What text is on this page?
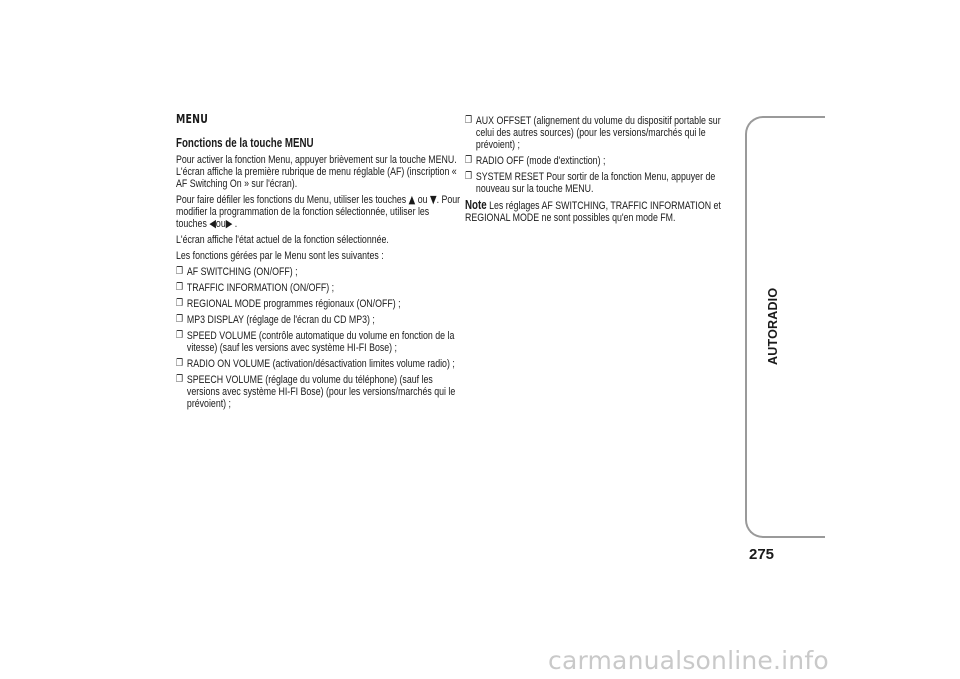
MENU
Fonctions de la touche MENU

Pour activer la fonction Menu, appuyer brièvement sur la touche MENU. L'écran affiche la première rubrique de menu réglable (AF) (inscription « AF Switching On » sur l'écran).

Pour faire défiler les fonctions du Menu, utiliser les touches ▲ ou ▼. Pour modifier la programmation de la fonction sélectionnée, utiliser les touches ◀ou▶ .

L'écran affiche l'état actuel de la fonction sélectionnée.

Les fonctions gérées par le Menu sont les suivantes :

❐ AF SWITCHING (ON/OFF) ;
❐ TRAFFIC INFORMATION (ON/OFF) ;
❐ REGIONAL MODE programmes régionaux (ON/OFF) ;
❐ MP3 DISPLAY (réglage de l'écran du CD MP3) ;
❐ SPEED VOLUME (contrôle automatique du volume en fonction de la vitesse) (sauf les versions avec système HI-FI Bose) ;
❐ RADIO ON VOLUME (activation/désactivation limites volume radio) ;
❐ SPEECH VOLUME (réglage du volume du téléphone) (sauf les versions avec système HI-FI Bose) (pour les versions/marchés qui le prévoient) ;
❐ AUX OFFSET (alignement du volume du dispositif portable sur celui des autres sources) (pour les versions/marchés qui le prévoient) ;
❐ RADIO OFF (mode d'extinction) ;
❐ SYSTEM RESET Pour sortir de la fonction Menu, appuyer de nouveau sur la touche MENU.

Note Les réglages AF SWITCHING, TRAFFIC INFORMATION et REGIONAL MODE ne sont possibles qu'en mode FM.

AUTORADIO
275
carmanualsonline.info
